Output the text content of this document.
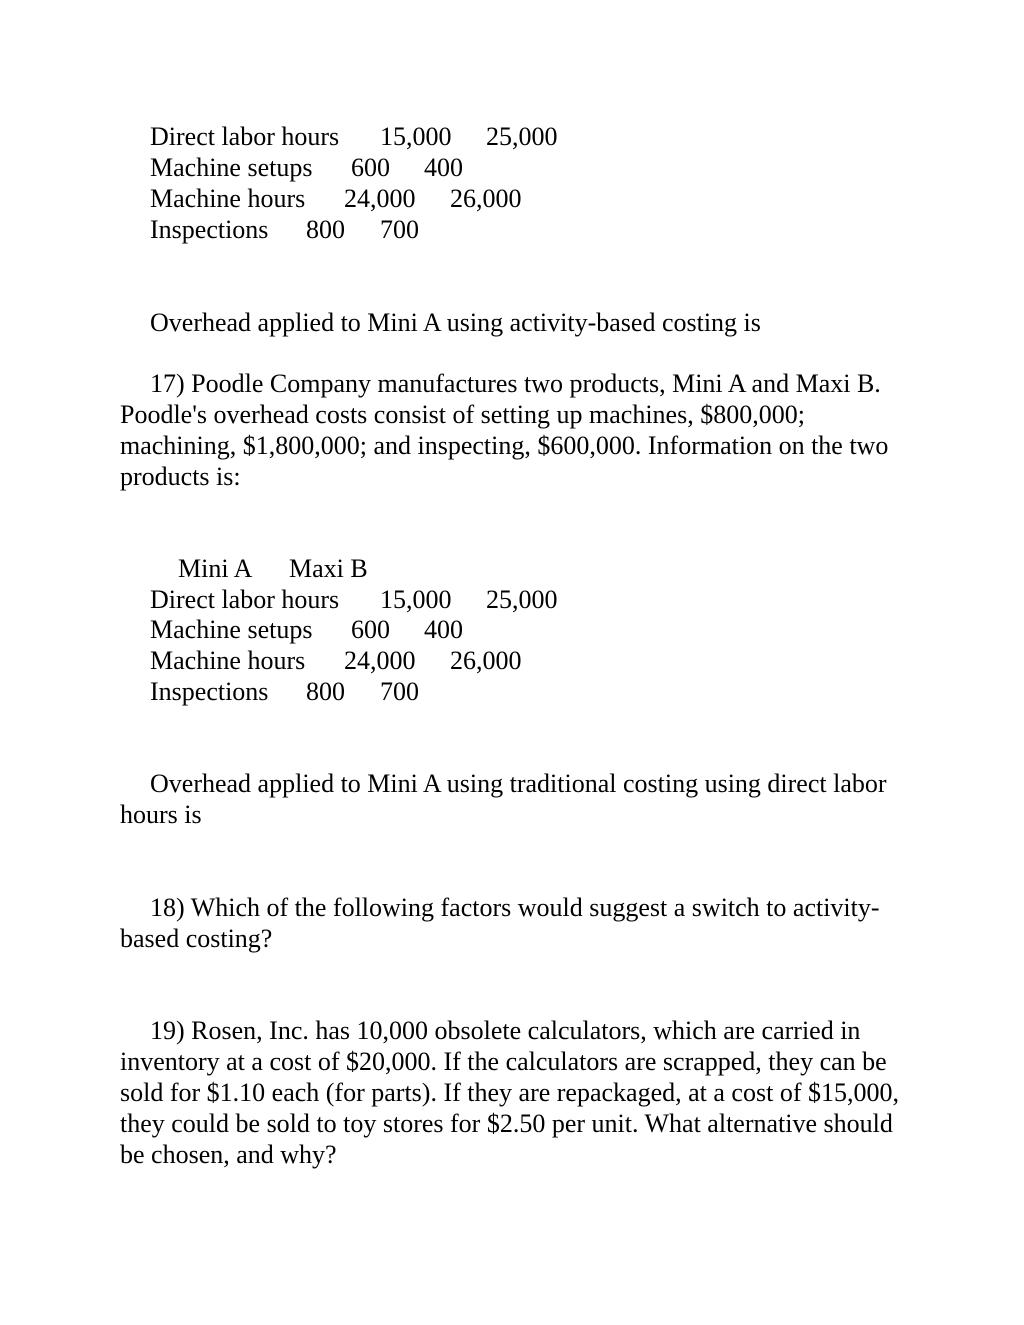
Direct labor hours 15,000 25,000
Machine setups 600 400
Machine hours 24,000 26,000
Inspections 800 700
Overhead applied to Mini A using activity-based costing is
17) Poodle Company manufactures two products, Mini A and Maxi B. Poodle's overhead costs consist of setting up machines, $800,000; machining, $1,800,000; and inspecting, $600,000. Information on the two products is:
Mini A Maxi B
Direct labor hours 15,000 25,000
Machine setups 600 400
Machine hours 24,000 26,000
Inspections 800 700
Overhead applied to Mini A using traditional costing using direct labor hours is
18) Which of the following factors would suggest a switch to activity-based costing?
19) Rosen, Inc. has 10,000 obsolete calculators, which are carried in inventory at a cost of $20,000. If the calculators are scrapped, they can be sold for $1.10 each (for parts). If they are repackaged, at a cost of $15,000, they could be sold to toy stores for $2.50 per unit. What alternative should be chosen, and why?
